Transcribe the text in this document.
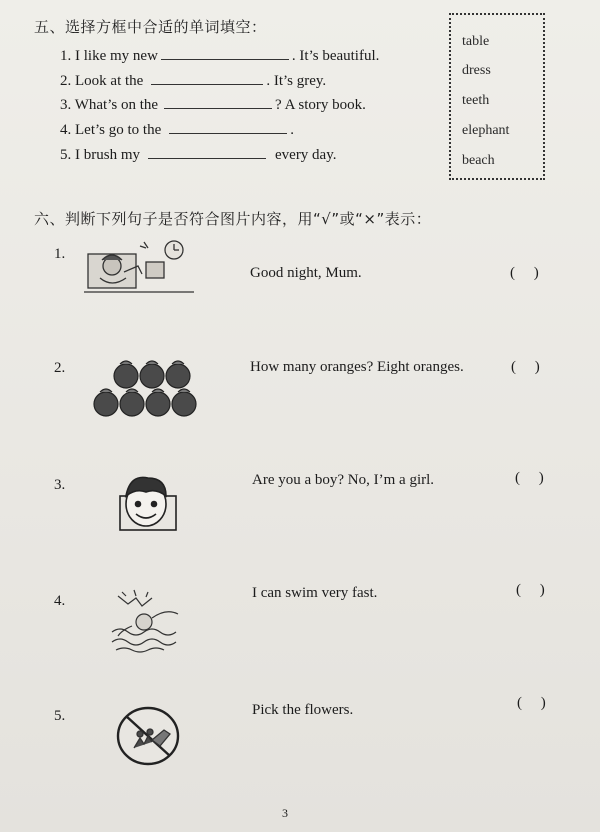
五、选择方框中合适的单词填空：
1. I like my new	. It’s beautiful.
2. Look at the	. It’s grey.
3. What’s on the	? A story book.
4. Let’s go to the	.
5. I brush my	every day.
table
dress
teeth
elephant
beach
六、判断下列句子是否符合图片内容，用“√”或“×”表示：
1.
Good night, Mum.	(     )
2.	How many oranges? Eight oranges.	(     )
3.	Are you a boy? No, I’m a girl.	(     )
4.	I can swim very fast.	(     )
5.	Pick the flowers.	(     )
3
